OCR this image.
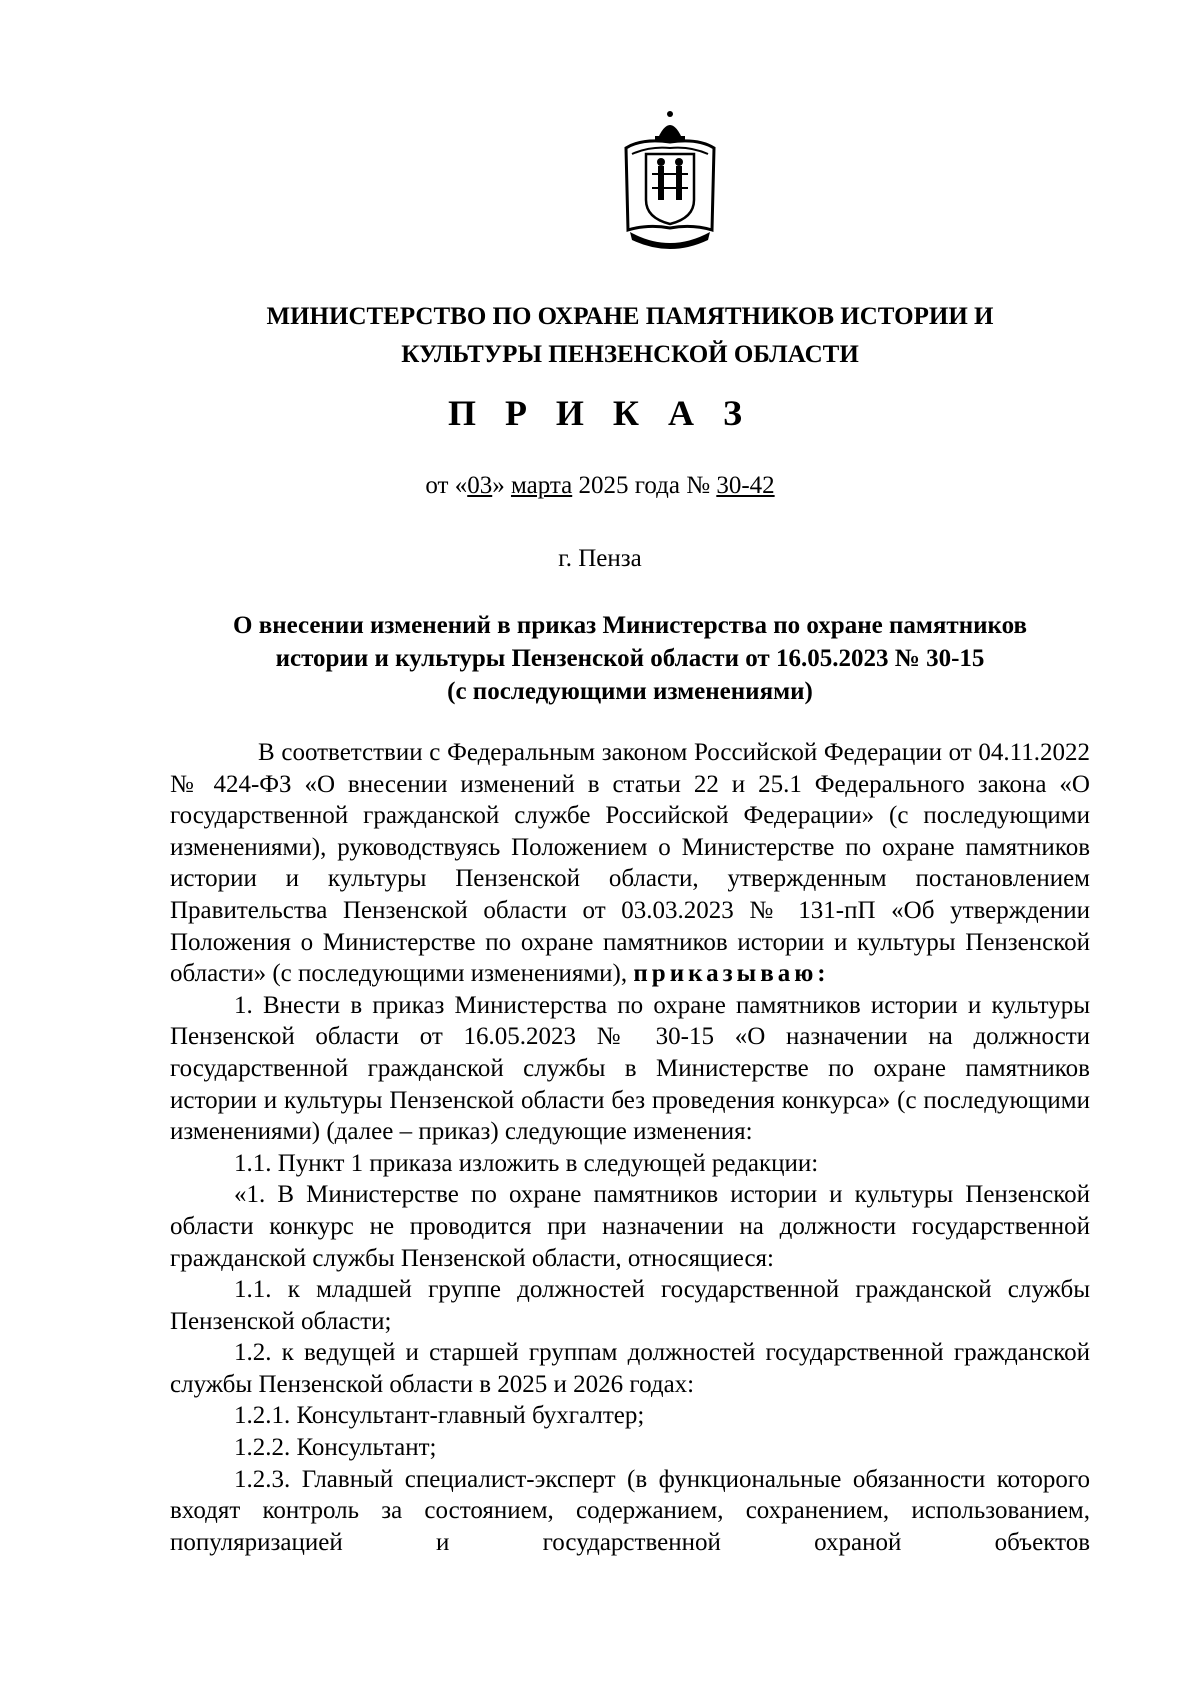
МИНИСТЕРСТВО ПО ОХРАНЕ ПАМЯТНИКОВ ИСТОРИИ И
КУЛЬТУРЫ ПЕНЗЕНСКОЙ ОБЛАСТИ
П Р И К А З
от «03» марта 2025 года № 30-42
г. Пенза
О внесении изменений в приказ Министерства по охране памятников
истории и культуры Пензенской области от 16.05.2023 № 30-15
(с последующими изменениями)

В соответствии с Федеральным законом Российской Федерации от 04.11.2022 № 424-ФЗ «О внесении изменений в статьи 22 и 25.1 Федерального закона «О государственной гражданской службе Российской Федерации» (с последующими изменениями), руководствуясь Положением о Министерстве по охране памятников истории и культуры Пензенской области, утвержденным постановлением Правительства Пензенской области от 03.03.2023 № 131-пП «Об утверждении Положения о Министерстве по охране памятников истории и культуры Пензенской области» (с последующими изменениями), приказываю:

1. Внести в приказ Министерства по охране памятников истории и культуры Пензенской области от 16.05.2023 № 30-15 «О назначении на должности государственной гражданской службы в Министерстве по охране памятников истории и культуры Пензенской области без проведения конкурса» (с последующими изменениями) (далее – приказ) следующие изменения:

1.1. Пункт 1 приказа изложить в следующей редакции:

«1. В Министерстве по охране памятников истории и культуры Пензенской области конкурс не проводится при назначении на должности государственной гражданской службы Пензенской области, относящиеся:

1.1. к младшей группе должностей государственной гражданской службы Пензенской области;

1.2. к ведущей и старшей группам должностей государственной гражданской службы Пензенской области в 2025 и 2026 годах:

1.2.1. Консультант-главный бухгалтер;

1.2.2. Консультант;

1.2.3. Главный специалист-эксперт (в функциональные обязанности которого входят контроль за состоянием, содержанием, сохранением, использованием, популяризацией и государственной охраной объектов
